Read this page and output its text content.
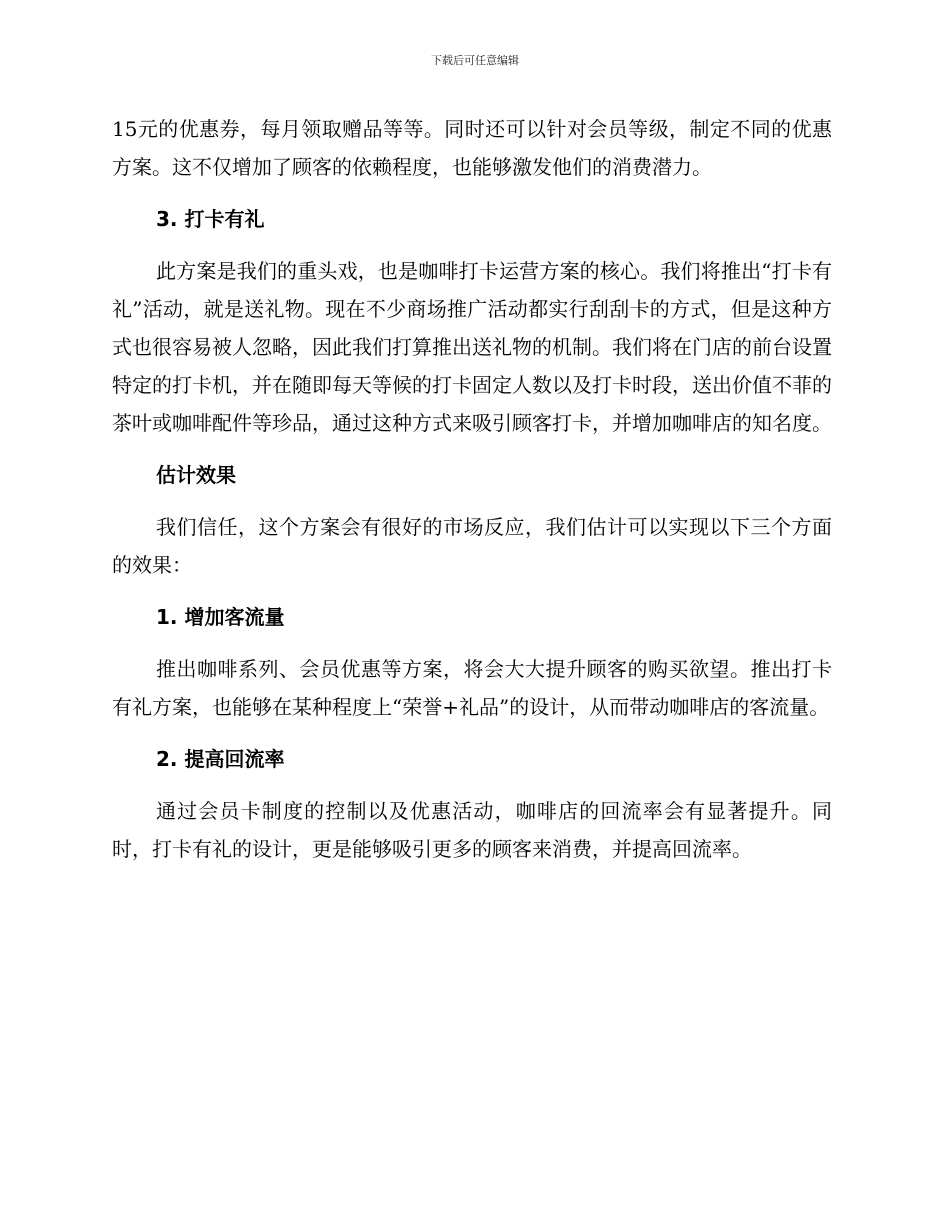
下载后可任意编辑

15元的优惠券，每月领取赠品等等。同时还可以针对会员等级，制定不同的优惠方案。这不仅增加了顾客的依赖程度，也能够激发他们的消费潜力。

3. 打卡有礼

此方案是我们的重头戏，也是咖啡打卡运营方案的核心。我们将推出“打卡有礼”活动，就是送礼物。现在不少商场推广活动都实行刮刮卡的方式，但是这种方式也很容易被人忽略，因此我们打算推出送礼物的机制。我们将在门店的前台设置特定的打卡机，并在随即每天等候的打卡固定人数以及打卡时段，送出价值不菲的茶叶或咖啡配件等珍品，通过这种方式来吸引顾客打卡，并增加咖啡店的知名度。

估计效果

我们信任，这个方案会有很好的市场反应，我们估计可以实现以下三个方面的效果：

1. 增加客流量

推出咖啡系列、会员优惠等方案，将会大大提升顾客的购买欲望。推出打卡有礼方案，也能够在某种程度上“荣誉+礼品”的设计，从而带动咖啡店的客流量。

2. 提高回流率

通过会员卡制度的控制以及优惠活动，咖啡店的回流率会有显著提升。同时，打卡有礼的设计，更是能够吸引更多的顾客来消费，并提高回流率。
